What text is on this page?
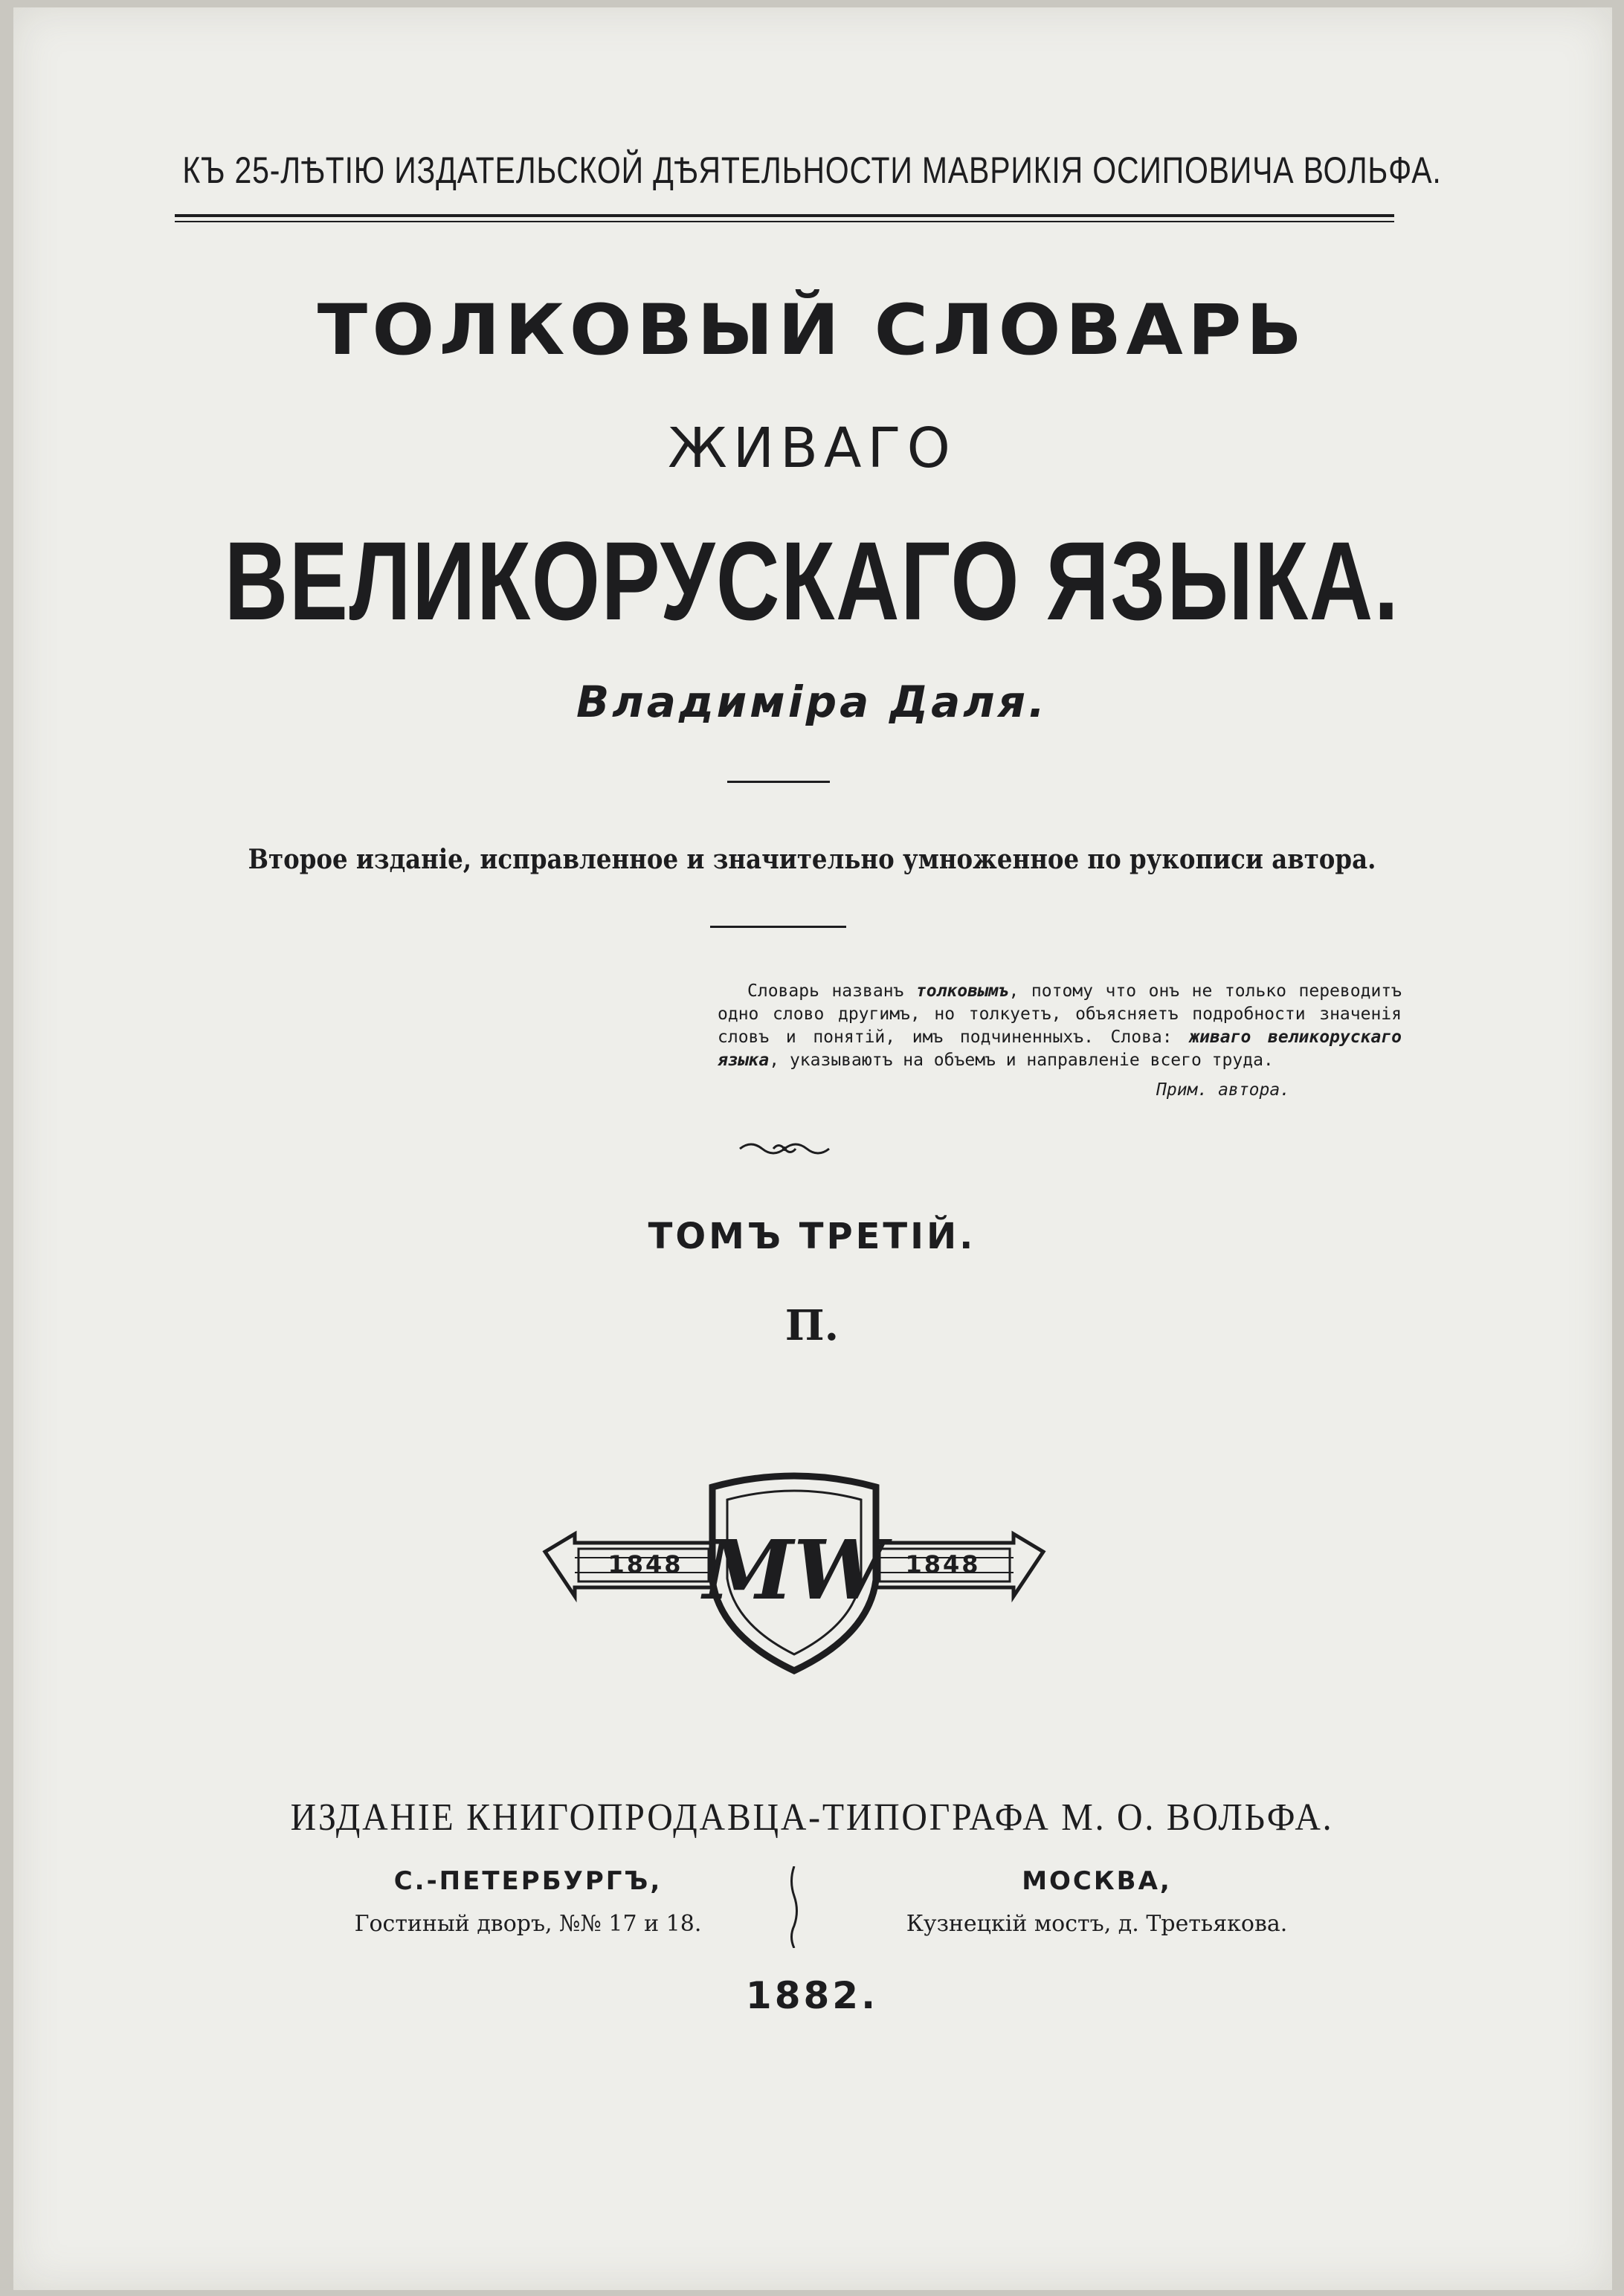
КЪ 25-ЛѢТІЮ ИЗДАТЕЛЬСКОЙ ДѢЯТЕЛЬНОСТИ МАВРИКІЯ ОСИПОВИЧА ВОЛЬФА.
ТОЛКОВЫЙ СЛОВАРЬ
ЖИВАГО
ВЕЛИКОРУСКАГО ЯЗЫКА.
Владиміра Даля.
Второе изданіе, исправленное и значительно умноженное по рукописи автора.
Словарь названъ толковымъ, потому что онъ не только переводитъ одно слово другимъ, но толкуетъ, объясняетъ подробности значенія словъ и понятій, имъ подчиненныхъ. Слова: живаго великорускаго языка, указываютъ на объемъ и направленіе всего труда.
Прим. автора.
ТОМЪ ТРЕТІЙ.
П.
1848	1848
MW
ИЗДАНІЕ КНИГОПРОДАВЦА-ТИПОГРАФА М. О. ВОЛЬФА.
С.-ПЕТЕРБУРГЪ,
Гостиный дворъ, №№ 17 и 18.
МОСКВА,
Кузнецкій мостъ, д. Третьякова.
1882.
